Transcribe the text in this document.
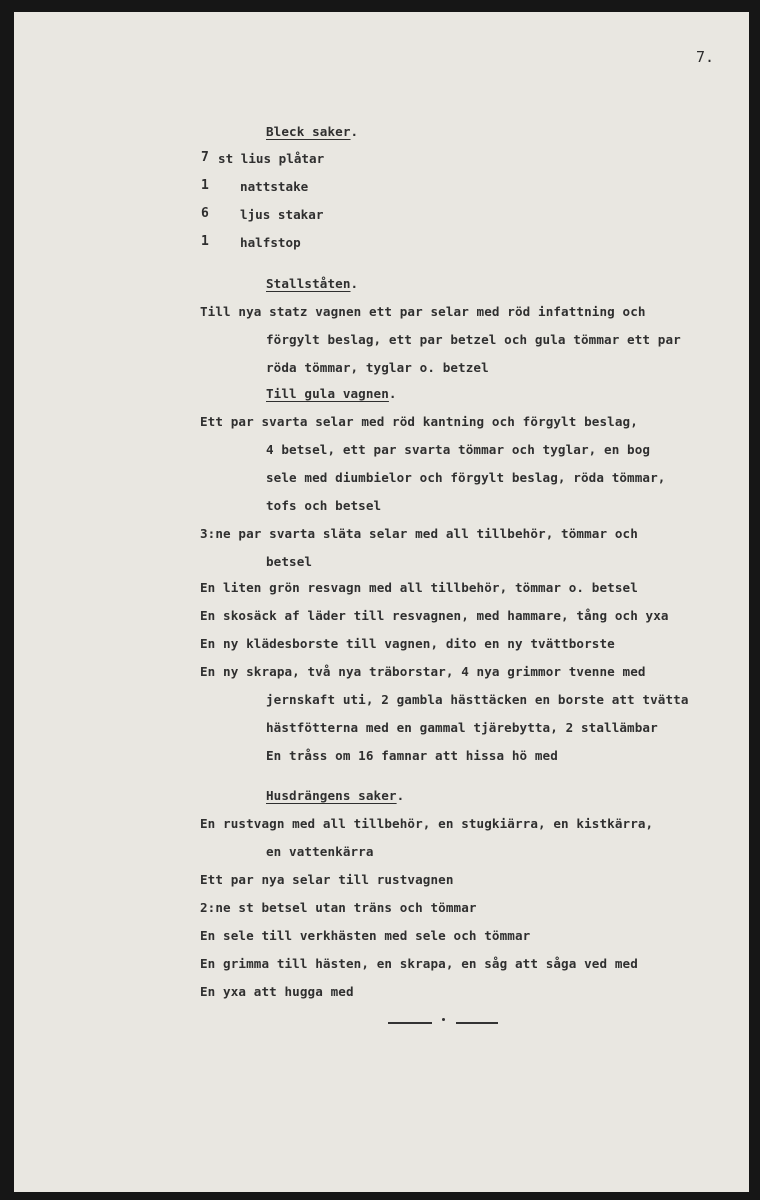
7.
Bleck saker.
7 st lius plåtar
1 nattstake
6 ljus stakar
1 halfstop
Stallståten.
Till nya statz vagnen ett par selar med röd infattning och
förgylt beslag, ett par betzel och gula tömmar ett par
röda tömmar, tyglar o. betzel
Till gula vagnen.
Ett par svarta selar med röd kantning och förgylt beslag,
4 betsel, ett par svarta tömmar och tyglar, en bog
sele med diumbielor och förgylt beslag, röda tömmar,
tofs och betsel
3:ne par svarta släta selar med all tillbehör, tömmar och
betsel
En liten grön resvagn med all tillbehör, tömmar o. betsel
En skosäck af läder till resvagnen, med hammare, tång och yxa
En ny klädesborste till vagnen, dito en ny tvättborste
En ny skrapa, två nya träborstar, 4 nya grimmor tvenne med
jernskaft uti, 2 gambla hästtäcken en borste att tvätta
hästfötterna med en gammal tjärebytta, 2 stallämbar
En tråss om 16 famnar att hissa hö med
Husdrängens saker.
En rustvagn med all tillbehör, en stugkiärra, en kistkärra,
en vattenkärra
Ett par nya selar till rustvagnen
2:ne st betsel utan träns och tömmar
En sele till verkhästen med sele och tömmar
En grimma till hästen, en skrapa, en såg att såga ved med
En yxa att hugga med
